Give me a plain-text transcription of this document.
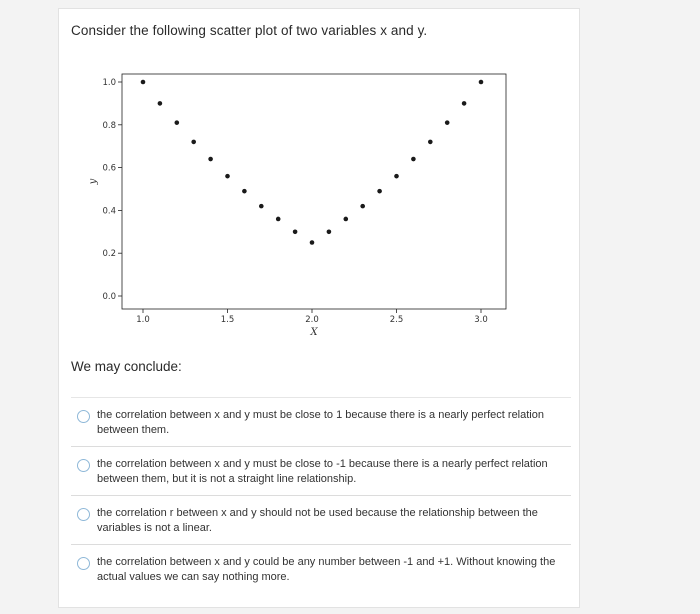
Consider the following scatter plot of two variables x and y.
0.0
0.2
0.4
0.6
0.8
1.0
1.0	1.5	2.0	2.5	3.0
X
y
We may conclude:
the correlation between x and y must be close to 1 because there is a nearly perfect relation between them.
the correlation between x and y must be close to -1 because there is a nearly perfect relation between them, but it is not a straight line relationship.
the correlation r between x and y should not be used because the relationship between the variables is not a linear.
the correlation between x and y could be any number between -1 and +1. Without knowing the actual values we can say nothing more.
